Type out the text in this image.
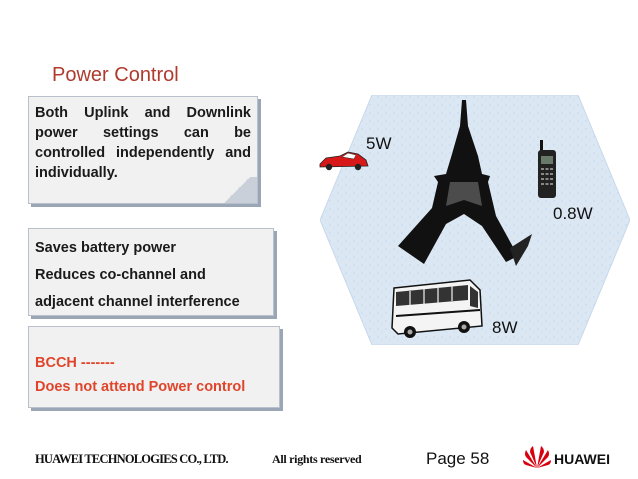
Power Control

Both Uplink and Downlink power settings can be controlled independently and individually.

Saves battery power
Reduces co-channel and
adjacent channel interference
BCCH -------
Does not attend Power control
5W
0.8W
8W
HUAWEI TECHNOLOGIES CO., LTD.	All rights reserved	Page 58	HUAWEI
